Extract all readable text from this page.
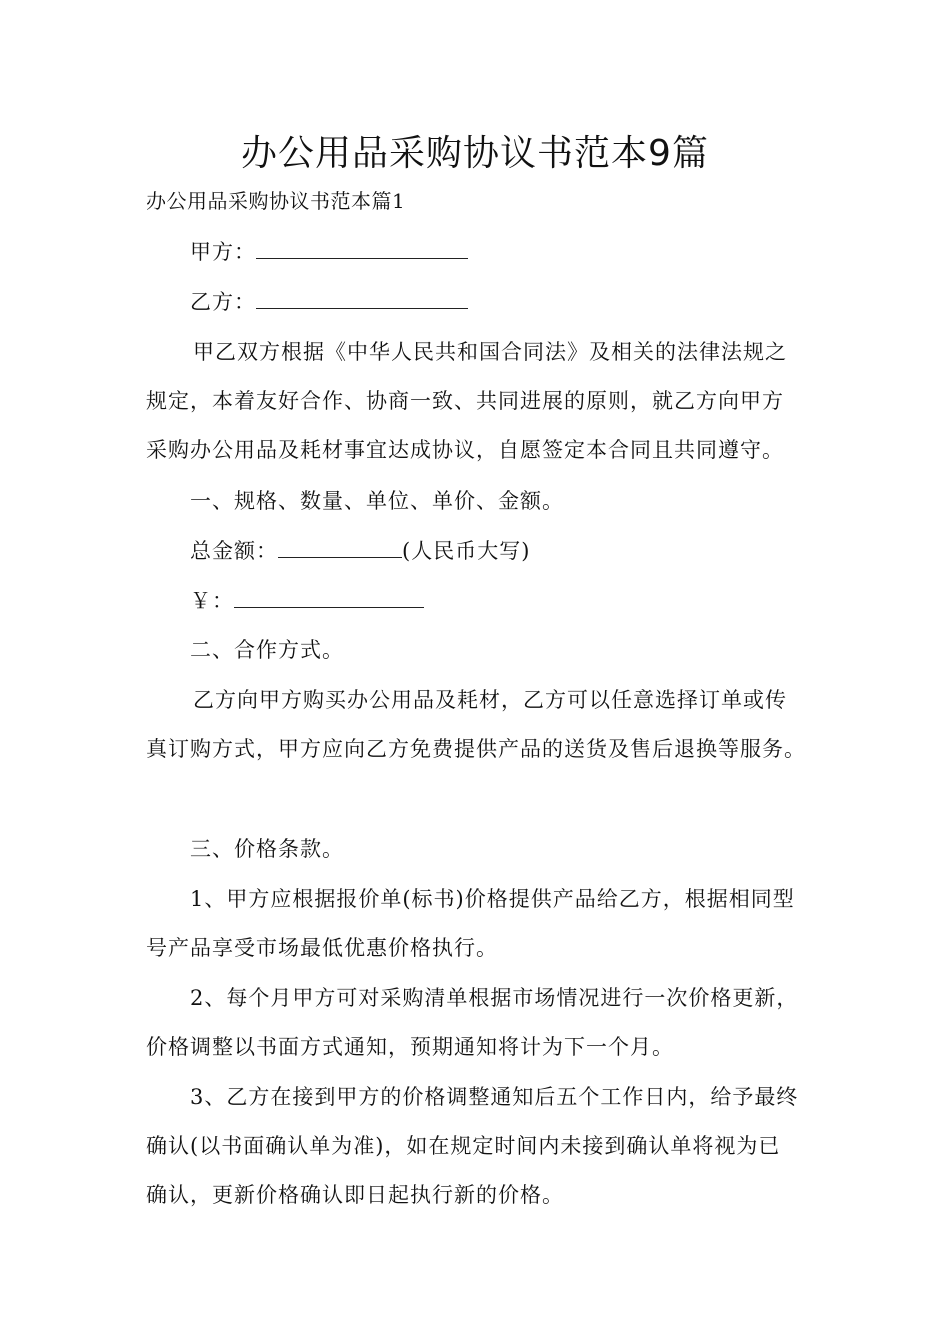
办公用品采购协议书范本9篇

办公用品采购协议书范本篇1

甲方：

乙方：

甲乙双方根据《中华人民共和国合同法》及相关的法律法规之

规定，本着友好合作、协商一致、共同进展的原则，就乙方向甲方

采购办公用品及耗材事宜达成协议，自愿签定本合同且共同遵守。

一、规格、数量、单位、单价、金额。

总金额：	(人民币大写)

￥：

二、合作方式。

乙方向甲方购买办公用品及耗材，乙方可以任意选择订单或传

真订购方式，甲方应向乙方免费提供产品的送货及售后退换等服务。

三、价格条款。

1、甲方应根据报价单(标书)价格提供产品给乙方，根据相同型

号产品享受市场最低优惠价格执行。

2、每个月甲方可对采购清单根据市场情况进行一次价格更新，

价格调整以书面方式通知，预期通知将计为下一个月。

3、乙方在接到甲方的价格调整通知后五个工作日内，给予最终

确认(以书面确认单为准)，如在规定时间内未接到确认单将视为已

确认，更新价格确认即日起执行新的价格。
